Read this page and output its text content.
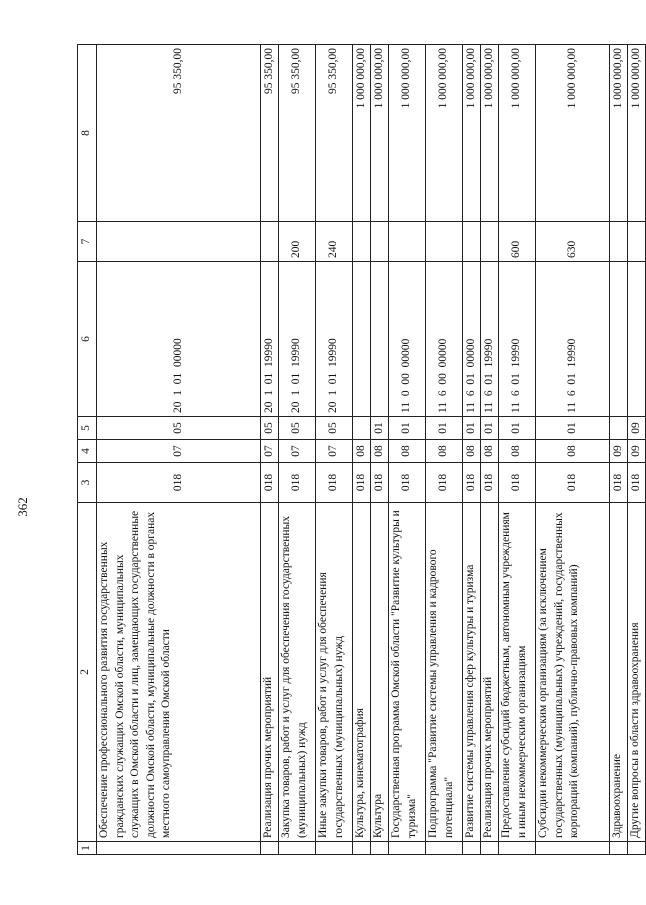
362
1	2	3	4	5	6	7	8
	Обеспечение профессионального развития государственных гражданских служащих Омской области, муниципальных служащих в Омской области и лиц, замещающих государственные должности Омской области, муниципальные должности в органах местного самоуправления Омской области	018	07	05	20  1  01  00000		95 350,00
	Реализация прочих мероприятий	018	07	05	20  1  01  19990		95 350,00
	Закупка товаров, работ и услуг для обеспечения государственных (муниципальных) нужд	018	07	05	20  1  01  19990	200	95 350,00
	Иные закупки товаров, работ и услуг для обеспечения государственных (муниципальных) нужд	018	07	05	20  1  01  19990	240	95 350,00
	Культура, кинематография	018	08				1 000 000,00
	Культура	018	08	01			1 000 000,00
	Государственная программа Омской области "Развитие культуры и туризма"	018	08	01	11  0  00  00000		1 000 000,00
	Подпрограмма "Развитие системы управления и кадрового потенциала"	018	08	01	11  6  00  00000		1 000 000,00
	Развитие системы управления сфер культуры и туризма	018	08	01	11  6  01  00000		1 000 000,00
	Реализация прочих мероприятий	018	08	01	11  6  01  19990		1 000 000,00
	Предоставление субсидий бюджетным, автономным учреждениям и иным некоммерческим организациям	018	08	01	11  6  01  19990	600	1 000 000,00
	Субсидии некоммерческим организациям (за исключением государственных (муниципальных) учреждений, государственных корпораций (компаний), публично-правовых компаний)	018	08	01	11  6  01  19990	630	1 000 000,00
	Здравоохранение	018	09				1 000 000,00
	Другие вопросы в области здравоохранения	018	09	09			1 000 000,00
